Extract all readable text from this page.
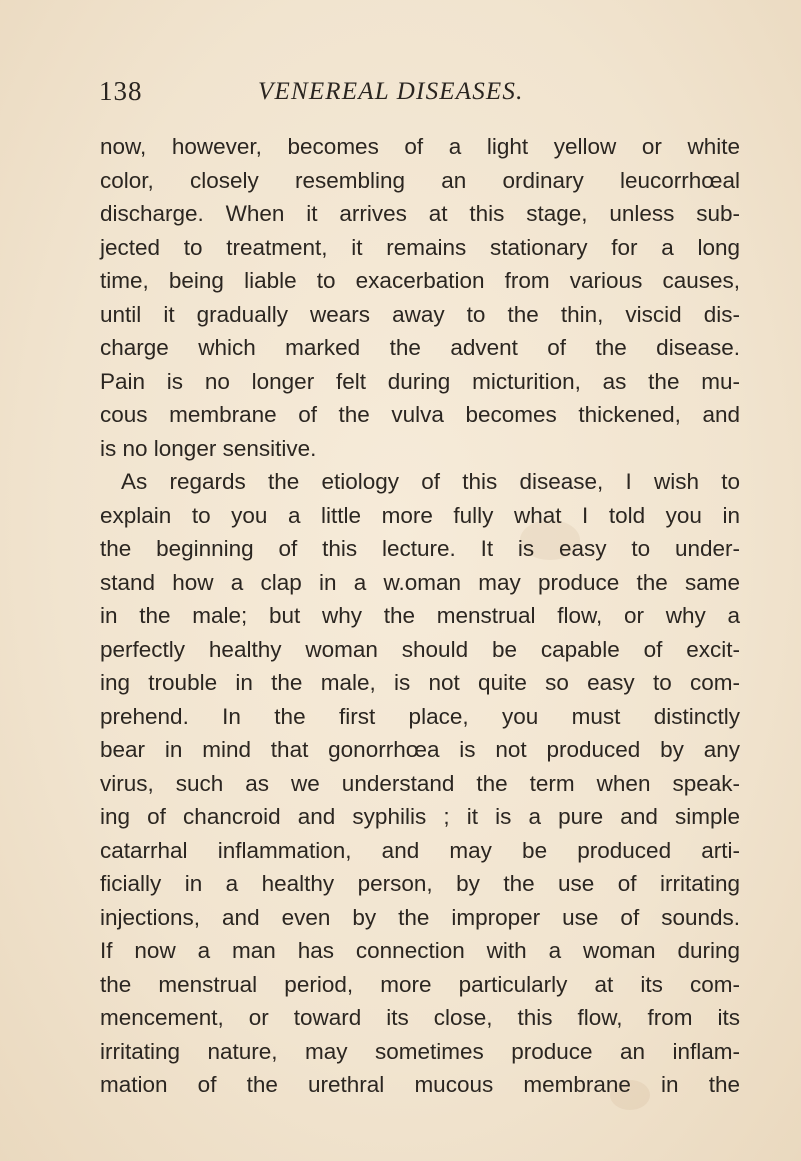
138	VENEREAL DISEASES.
now, however, becomes of a light yellow or white
color, closely resembling an ordinary leucorrhœal
discharge. When it arrives at this stage, unless sub-
jected to treatment, it remains stationary for a long
time, being liable to exacerbation from various causes,
until it gradually wears away to the thin, viscid dis-
charge which marked the advent of the disease.
Pain is no longer felt during micturition, as the mu-
cous membrane of the vulva becomes thickened, and
is no longer sensitive.
As regards the etiology of this disease, I wish to
explain to you a little more fully what I told you in
the beginning of this lecture. It is easy to under-
stand how a clap in a w.oman may produce the same
in the male; but why the menstrual flow, or why a
perfectly healthy woman should be capable of excit-
ing trouble in the male, is not quite so easy to com-
prehend. In the first place, you must distinctly
bear in mind that gonorrhœa is not produced by any
virus, such as we understand the term when speak-
ing of chancroid and syphilis ; it is a pure and simple
catarrhal inflammation, and may be produced arti-
ficially in a healthy person, by the use of irritating
injections, and even by the improper use of sounds.
If now a man has connection with a woman during
the menstrual period, more particularly at its com-
mencement, or toward its close, this flow, from its
irritating nature, may sometimes produce an inflam-
mation of the urethral mucous membrane in the
